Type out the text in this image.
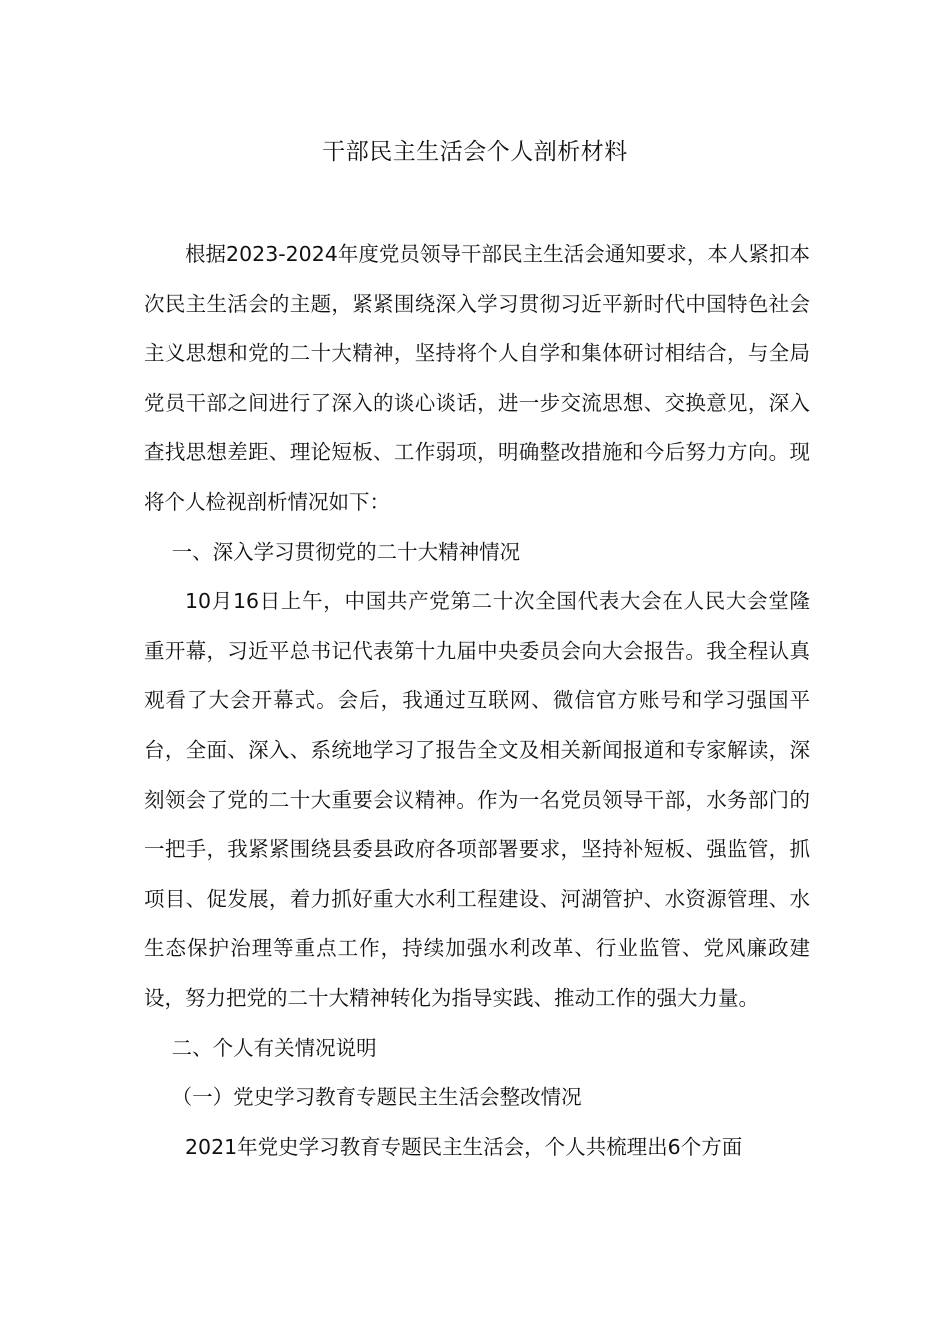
干部民主生活会个人剖析材料

根据2023-2024年度党员领导干部民主生活会通知要求，本人紧扣本次民主生活会的主题，紧紧围绕深入学习贯彻习近平新时代中国特色社会主义思想和党的二十大精神，坚持将个人自学和集体研讨相结合，与全局党员干部之间进行了深入的谈心谈话，进一步交流思想、交换意见，深入查找思想差距、理论短板、工作弱项，明确整改措施和今后努力方向。现将个人检视剖析情况如下：

一、深入学习贯彻党的二十大精神情况

10月16日上午，中国共产党第二十次全国代表大会在人民大会堂隆重开幕，习近平总书记代表第十九届中央委员会向大会报告。我全程认真观看了大会开幕式。会后，我通过互联网、微信官方账号和学习强国平台，全面、深入、系统地学习了报告全文及相关新闻报道和专家解读，深刻领会了党的二十大重要会议精神。作为一名党员领导干部，水务部门的一把手，我紧紧围绕县委县政府各项部署要求，坚持补短板、强监管，抓项目、促发展，着力抓好重大水利工程建设、河湖管护、水资源管理、水生态保护治理等重点工作，持续加强水利改革、行业监管、党风廉政建设，努力把党的二十大精神转化为指导实践、推动工作的强大力量。

二、个人有关情况说明

（一）党史学习教育专题民主生活会整改情况

2021年党史学习教育专题民主生活会，个人共梳理出6个方面
